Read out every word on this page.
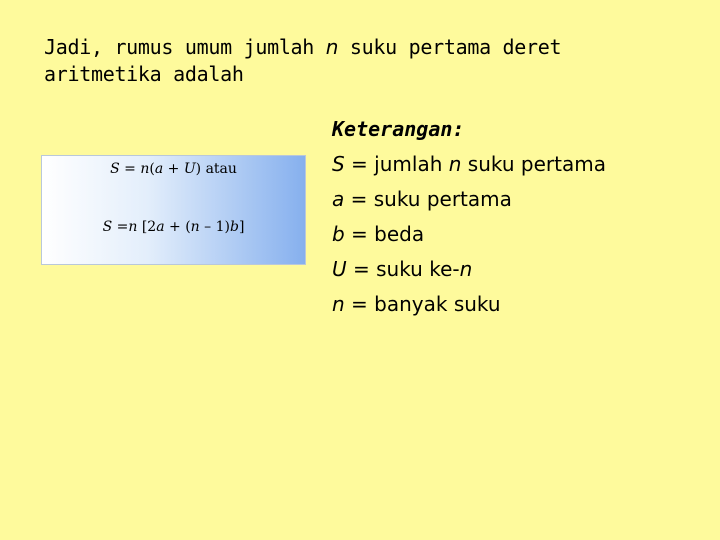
Jadi, rumus umum jumlah n suku pertama deret
aritmetika adalah
S = n(a + U) atau
S =n [2a + (n – 1)b]
Keterangan:
S = jumlah n suku pertama
a = suku pertama
b = beda
U = suku ke-n
n = banyak suku
